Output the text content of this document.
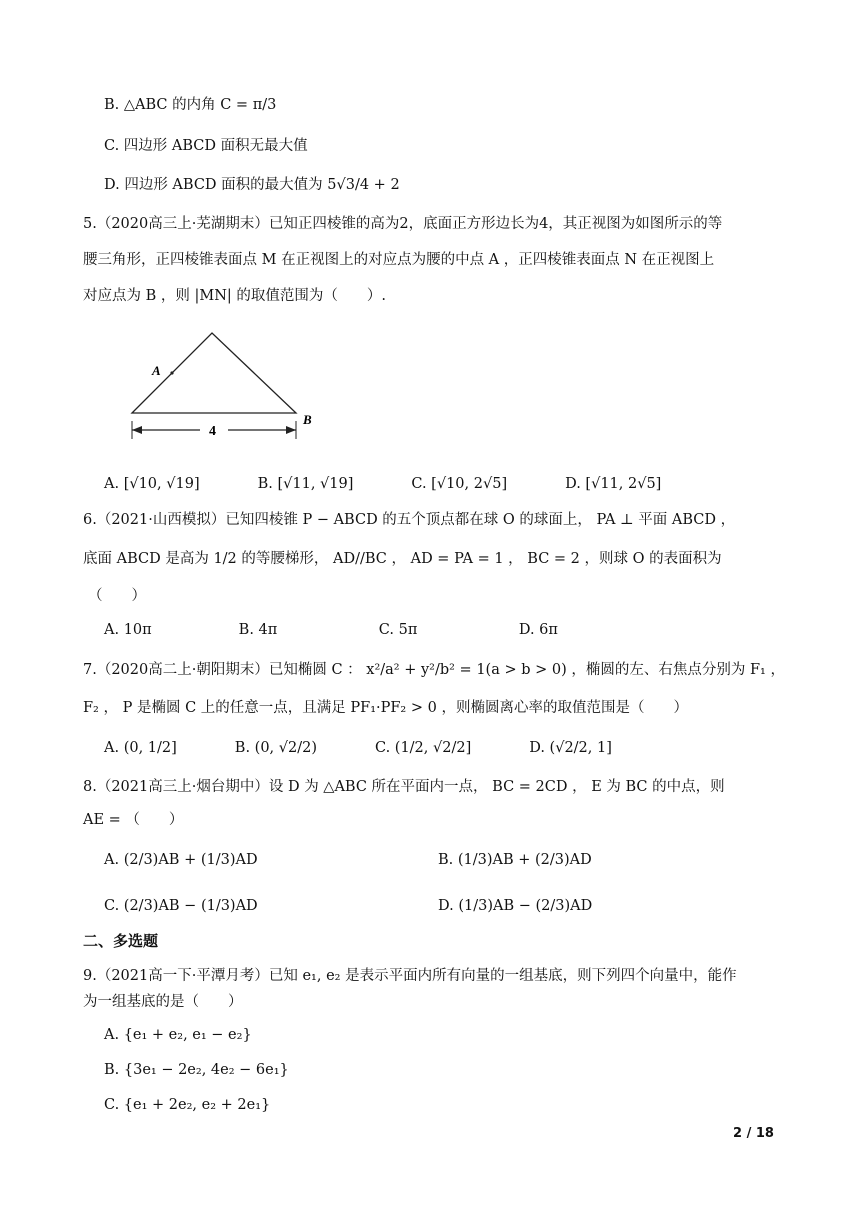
B. △ABC 的内角 C = π/3
C. 四边形 ABCD 面积无最大值
D. 四边形 ABCD 面积的最大值为 5√3/4 + 2
5.（2020高三上·芜湖期末）已知正四棱锥的高为2，底面正方形边长为4，其正视图为如图所示的等
腰三角形，正四棱锥表面点 M 在正视图上的对应点为腰的中点 A ，正四棱锥表面点 N 在正视图上
对应点为 B ，则 |MN| 的取值范围为（　　）.
A. [√10, √19]　　　　B. [√11, √19]　　　　C. [√10, 2√5]　　　　D. [√11, 2√5]
6.（2021·山西模拟）已知四棱锥 P − ABCD 的五个顶点都在球 O 的球面上， PA ⊥ 平面 ABCD ，
底面 ABCD 是高为 1/2 的等腰梯形， AD//BC ， AD = PA = 1 ， BC = 2 ，则球 O 的表面积为
（　　）
A. 10π　　　　　　B. 4π　　　　　　　C. 5π　　　　　　　D. 6π
7.（2020高二上·朝阳期末）已知椭圆 C ： x²/a² + y²/b² = 1(a > b > 0) ，椭圆的左、右焦点分别为 F₁ ，
F₂ ， P 是椭圆 C 上的任意一点，且满足 PF₁·PF₂ > 0 ，则椭圆离心率的取值范围是（　　）
A. (0, 1/2]　　　　B. (0, √2/2)　　　　C. (1/2, √2/2]　　　　D. (√2/2, 1]
8.（2021高三上·烟台期中）设 D 为 △ABC 所在平面内一点， BC = 2CD ， E 为 BC 的中点，则
AE = （　　）
A. (2/3)AB + (1/3)AD	B. (1/3)AB + (2/3)AD
C. (2/3)AB − (1/3)AD	D. (1/3)AB − (2/3)AD
9.（2021高一下·平潭月考）已知 e₁, e₂ 是表示平面内所有向量的一组基底，则下列四个向量中，能作
为一组基底的是（　　）
A. {e₁ + e₂, e₁ − e₂}
B. {3e₁ − 2e₂, 4e₂ − 6e₁}
C. {e₁ + 2e₂, e₂ + 2e₁}
二、多选题
A
B
4
2 / 18
